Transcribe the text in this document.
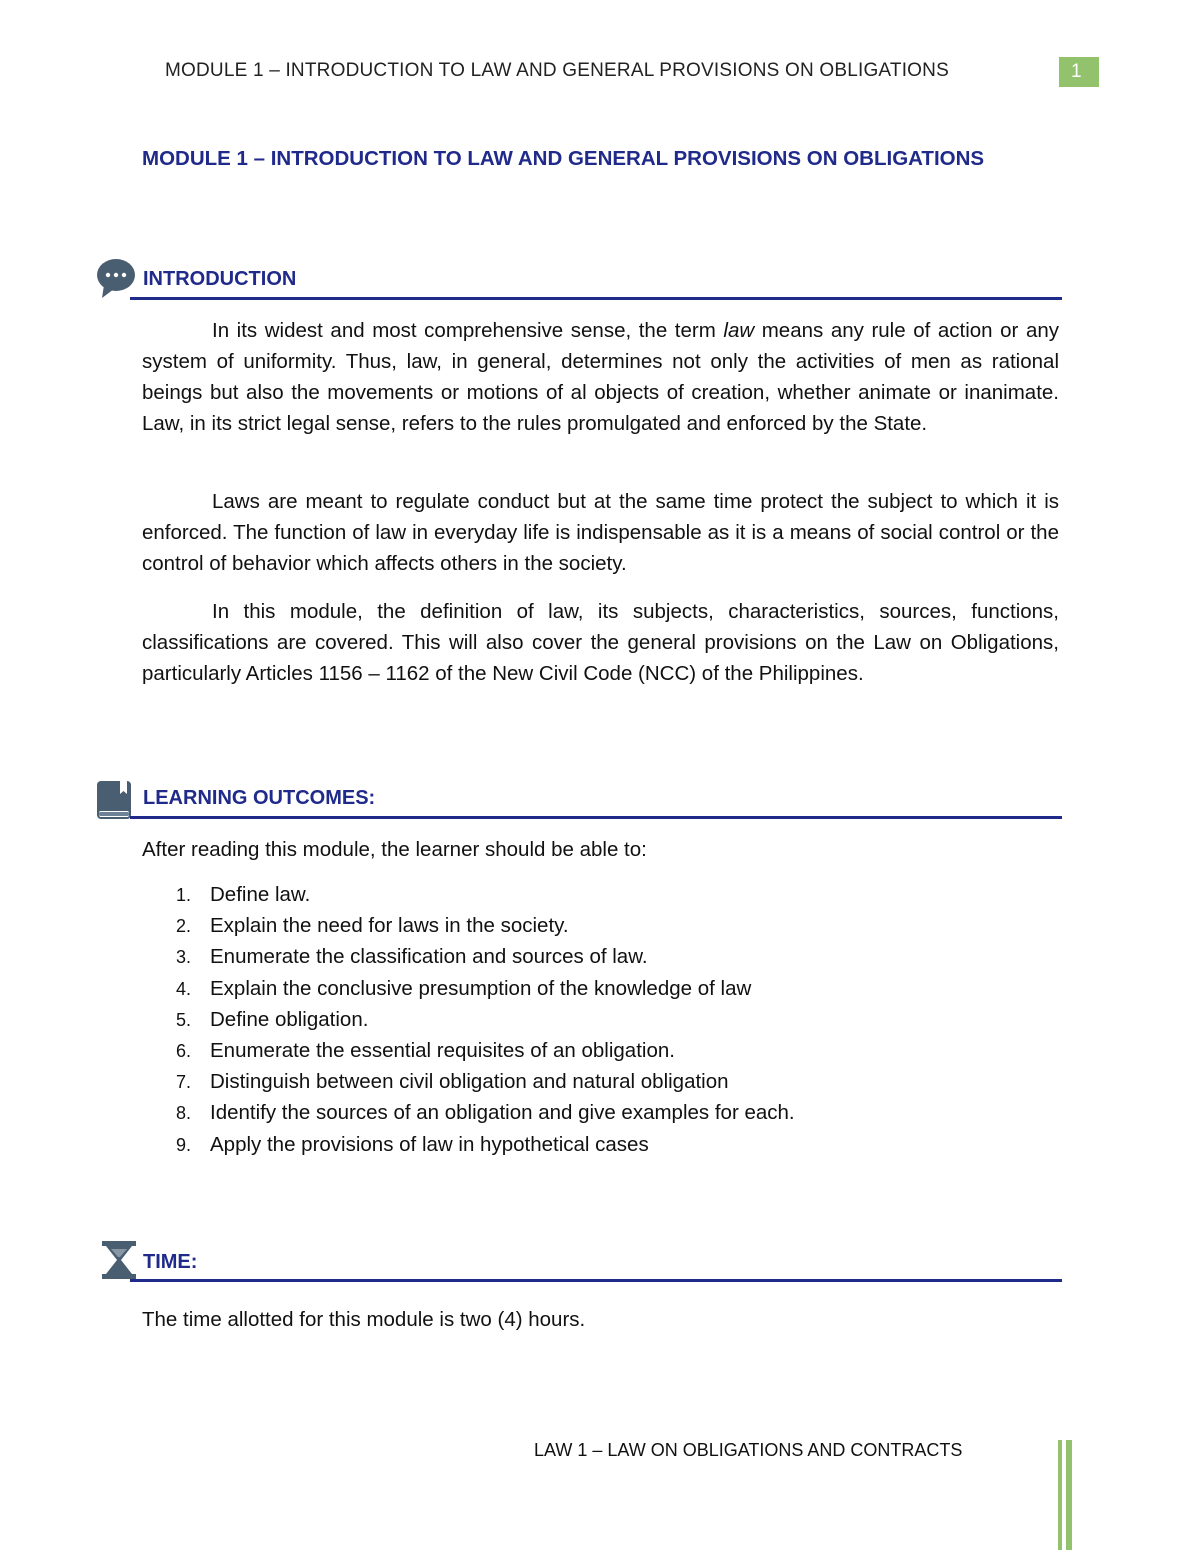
MODULE 1 – INTRODUCTION TO LAW AND GENERAL PROVISIONS ON OBLIGATIONS	1
MODULE 1 – INTRODUCTION TO LAW AND GENERAL PROVISIONS ON OBLIGATIONS
INTRODUCTION
In its widest and most comprehensive sense, the term law means any rule of action or any system of uniformity. Thus, law, in general, determines not only the activities of men as rational beings but also the movements or motions of al objects of creation, whether animate or inanimate. Law, in its strict legal sense, refers to the rules promulgated and enforced by the State.
Laws are meant to regulate conduct but at the same time protect the subject to which it is enforced. The function of law in everyday life is indispensable as it is a means of social control or the control of behavior which affects others in the society.
In this module, the definition of law, its subjects, characteristics, sources, functions, classifications are covered. This will also cover the general provisions on the Law on Obligations, particularly Articles 1156 – 1162 of the New Civil Code (NCC) of the Philippines.
LEARNING OUTCOMES:
After reading this module, the learner should be able to:
1. Define law.
2. Explain the need for laws in the society.
3. Enumerate the classification and sources of law.
4. Explain the conclusive presumption of the knowledge of law
5. Define obligation.
6. Enumerate the essential requisites of an obligation.
7. Distinguish between civil obligation and natural obligation
8. Identify the sources of an obligation and give examples for each.
9. Apply the provisions of law in hypothetical cases
TIME:
The time allotted for this module is two (4) hours.
LAW 1 – LAW ON OBLIGATIONS AND CONTRACTS
